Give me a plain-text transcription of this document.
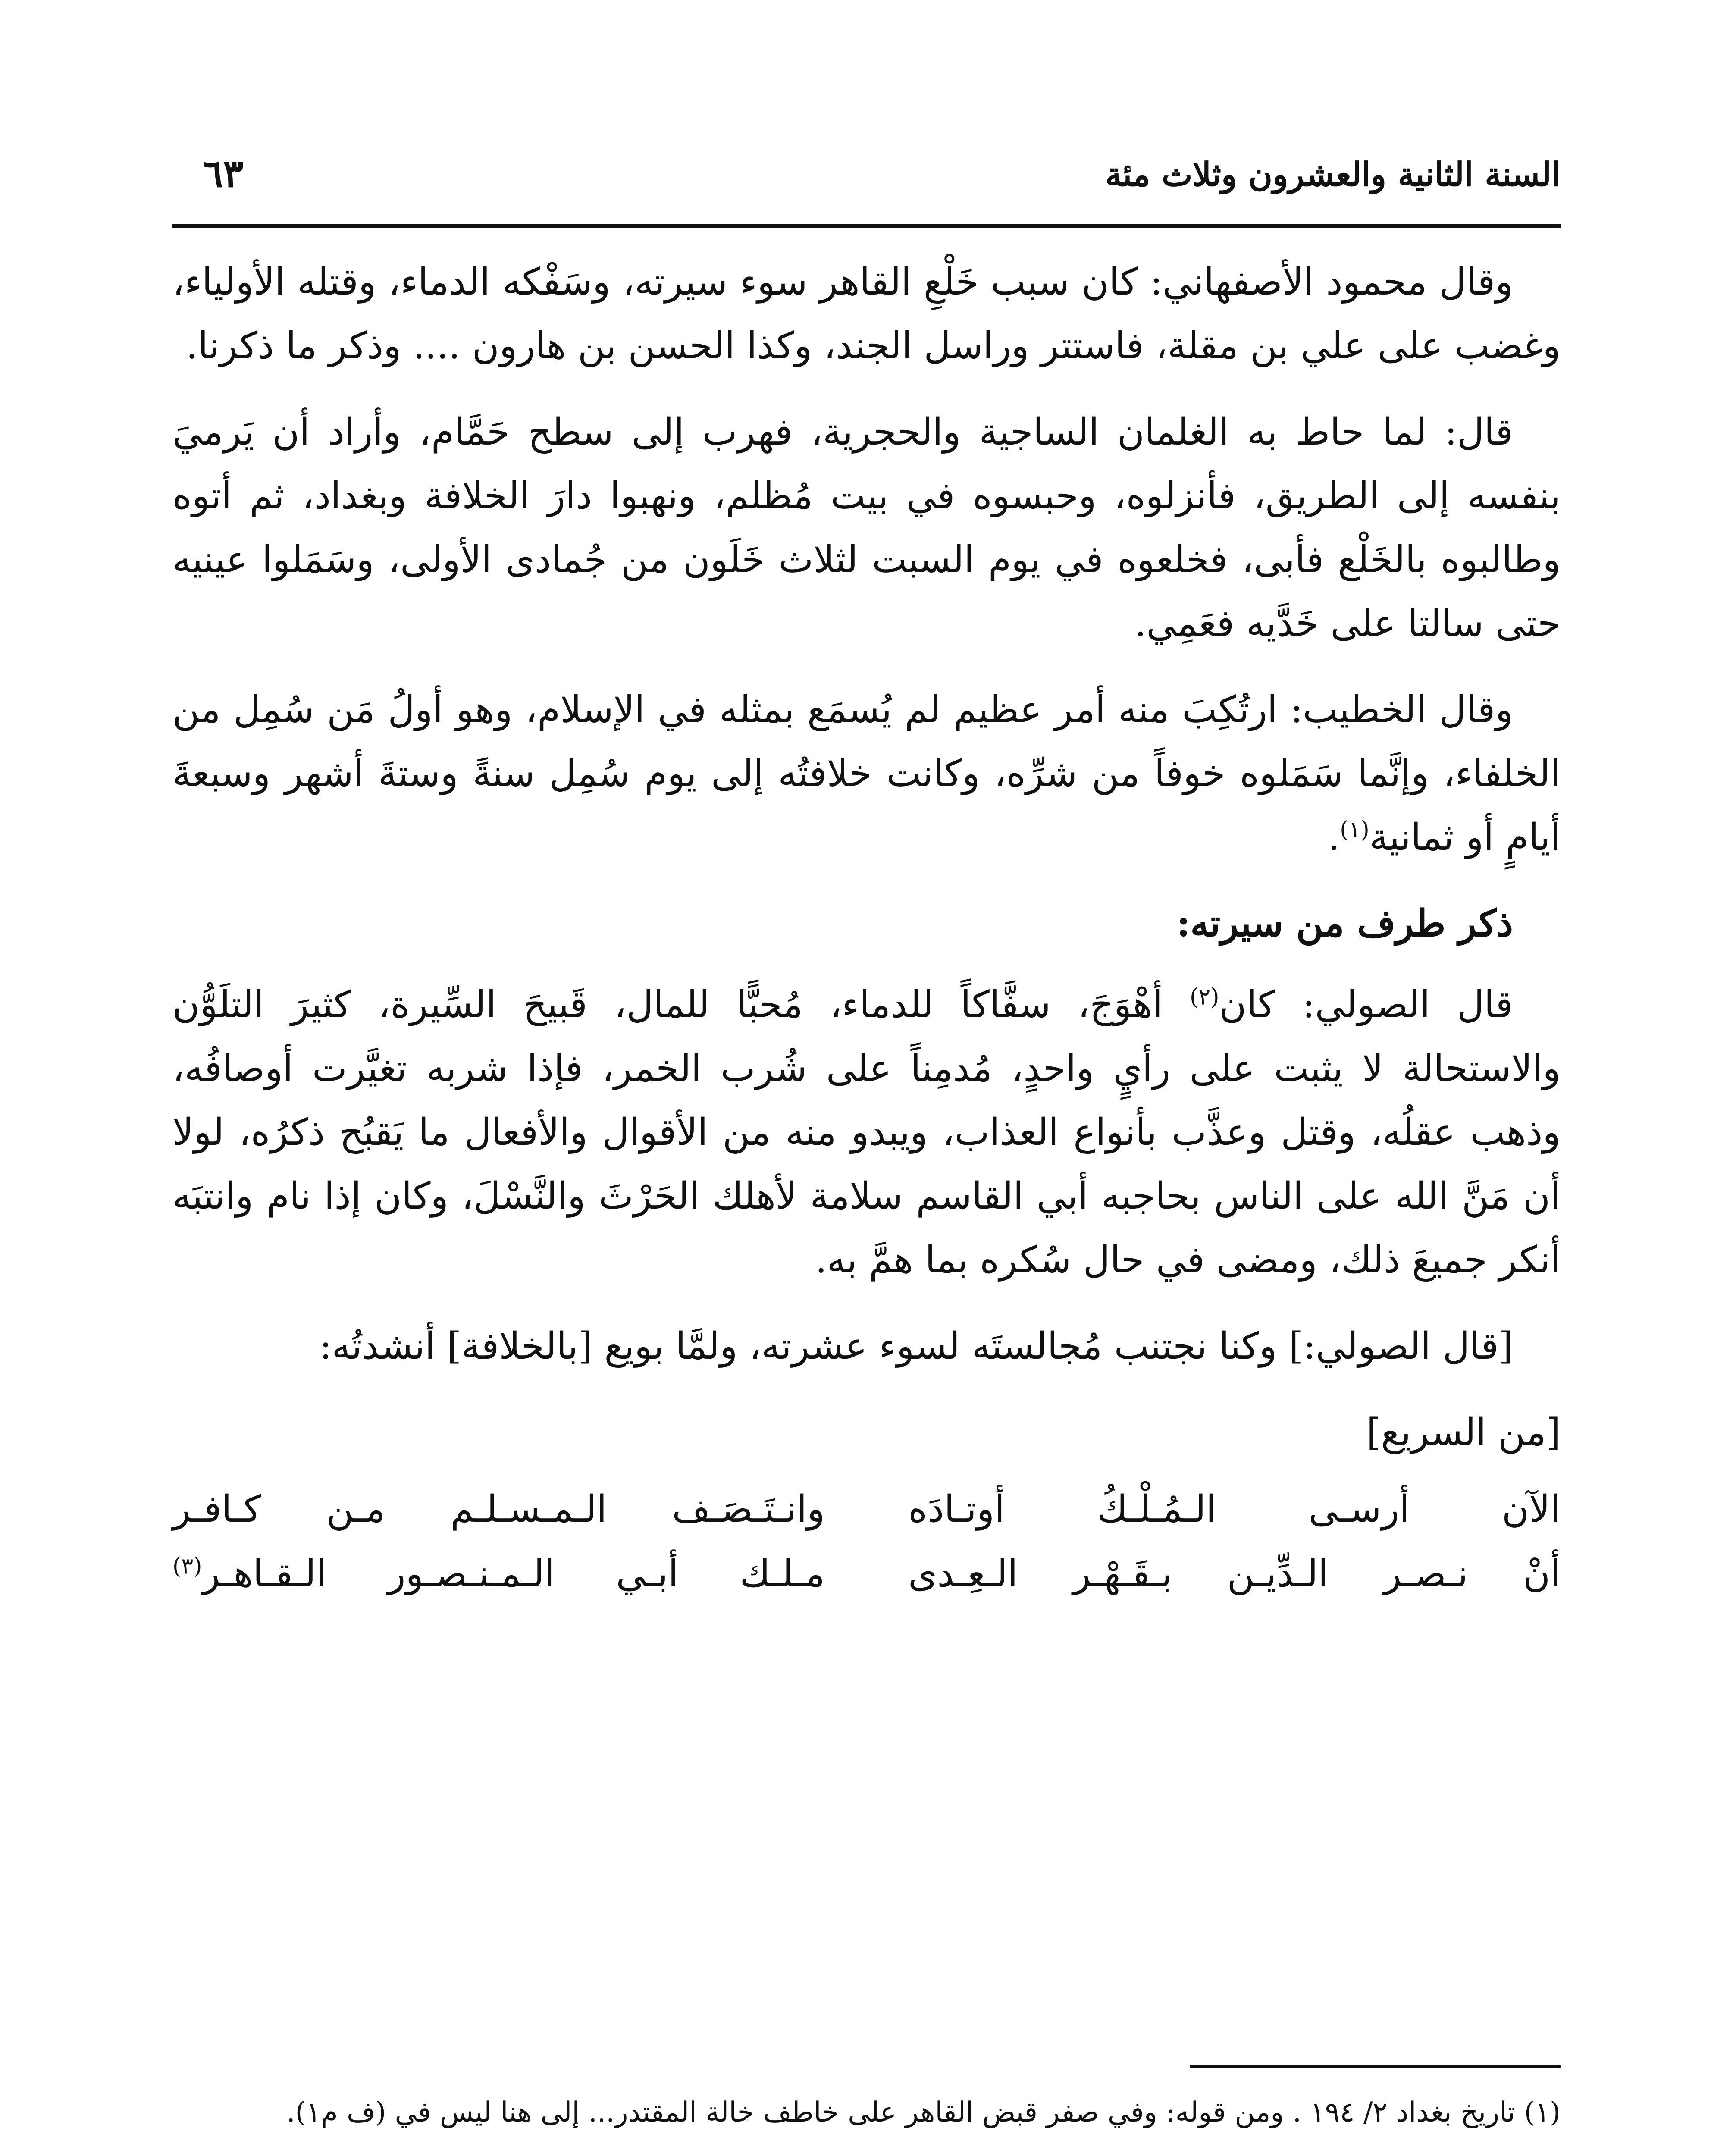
السنة الثانية والعشرون وثلاث مئة
٦٣

وقال محمود الأصفهاني: كان سبب خَلْعِ القاهر سوء سيرته، وسَفْكه الدماء، وقتله الأولياء، وغضب على علي بن مقلة، فاستتر وراسل الجند، وكذا الحسن بن هارون .... وذكر ما ذكرنا.

قال: لما حاط به الغلمان الساجية والحجرية، فهرب إلى سطح حَمَّام، وأراد أن يَرميَ بنفسه إلى الطريق، فأنزلوه، وحبسوه في بيت مُظلم، ونهبوا دارَ الخلافة وبغداد، ثم أتوه وطالبوه بالخَلْع فأبى، فخلعوه في يوم السبت لثلاث خَلَون من جُمادى الأولى، وسَمَلوا عينيه حتى سالتا على خَدَّيه فعَمِي.

وقال الخطيب: ارتُكِبَ منه أمر عظيم لم يُسمَع بمثله في الإسلام، وهو أولُ مَن سُمِل من الخلفاء، وإنَّما سَمَلوه خوفاً من شرِّه، وكانت خلافتُه إلى يوم سُمِل سنةً وستةَ أشهر وسبعةَ أيامٍ أو ثمانية$^{(١)}$.

ذكر طرف من سيرته:

قال الصولي: كان$^{(٢)}$ أهْوَجَ، سفَّاكاً للدماء، مُحبًّا للمال، قَبيحَ السِّيرة، كثيرَ التلَوُّن والاستحالة لا يثبت على رأيٍ واحدٍ، مُدمِناً على شُرب الخمر، فإذا شربه تغيَّرت أوصافُه، وذهب عقلُه، وقتل وعذَّب بأنواع العذاب، ويبدو منه من الأقوال والأفعال ما يَقبُح ذكرُه، لولا أن مَنَّ الله على الناس بحاجبه أبي القاسم سلامة لأهلك الحَرْثَ والنَّسْلَ، وكان إذا نام وانتبَه أنكر جميعَ ذلك، ومضى في حال سُكره بما همَّ به.

[قال الصولي:] وكنا نجتنب مُجالستَه لسوء عشرته، ولمَّا بويع [بالخلافة] أنشدتُه:

[من السريع]

الآن أرسـى الـمُـلْـكُ أوتـادَه
وانـتَـصَـف الـمـسـلـم مـن كـافـر
أنْ نـصـر الـدِّيـن بـقَـهْـر الـعِـدى
مـلـك أبـي الـمـنـصـور الـقـاهـر$^{(٣)}$

(١) تاريخ بغداد ٢/ ١٩٤ . ومن قوله: وفي صفر قبض القاهر على خاطف خالة المقتدر... إلى هنا ليس في (ف م١).
